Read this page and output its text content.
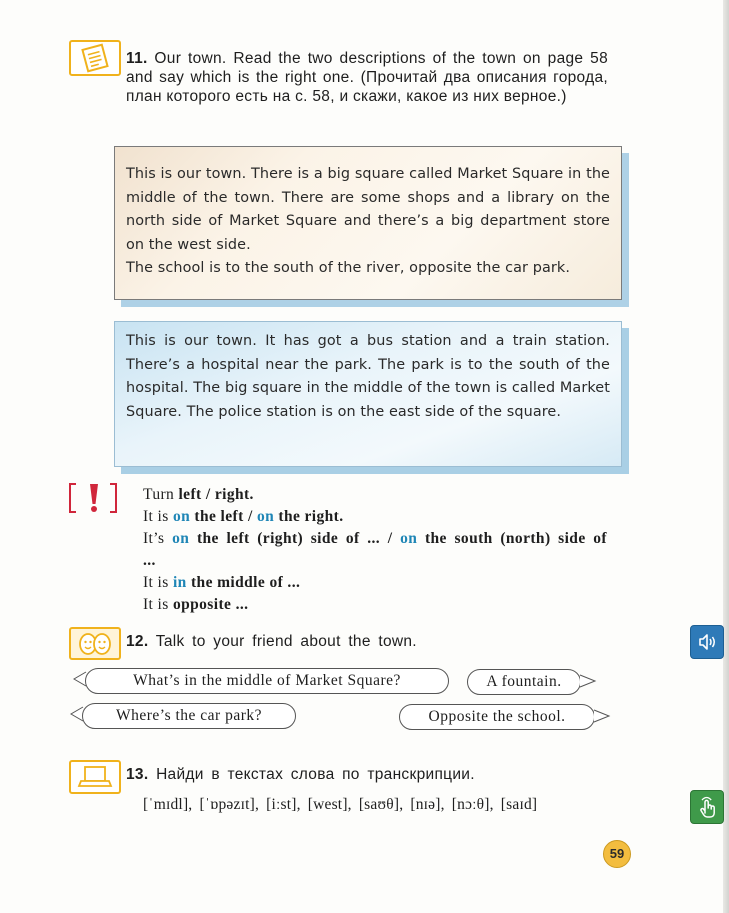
11. Our town. Read the two descriptions of the town on page 58 and say which is the right one. (Прочитай два описания города, план которого есть на с. 58, и скажи, какое из них верное.)
This is our town. There is a big square called Market Square in the middle of the town. There are some shops and a library on the north side of Market Square and there’s a big department store on the west side.
The school is to the south of the river, opposite the car park.
This is our town. It has got a bus station and a train station. There’s a hospital near the park. The park is to the south of the hospital. The big square in the middle of the town is called Market Square. The police station is on the east side of the square.
Turn left / right.
It is on the left / on the right.
It’s on the left (right) side of ... / on the south (north) side of ...
It is in the middle of ...
It is opposite ...
12. Talk to your friend about the town.
What’s in the middle of Market Square?	A fountain.
Where’s the car park?	Opposite the school.
13. Найди в текстах слова по транскрипции.
[ˈmɪdl], [ˈɒpəzɪt], [iːst], [west], [saʊθ], [nɪə], [nɔːθ], [saɪd]
59
